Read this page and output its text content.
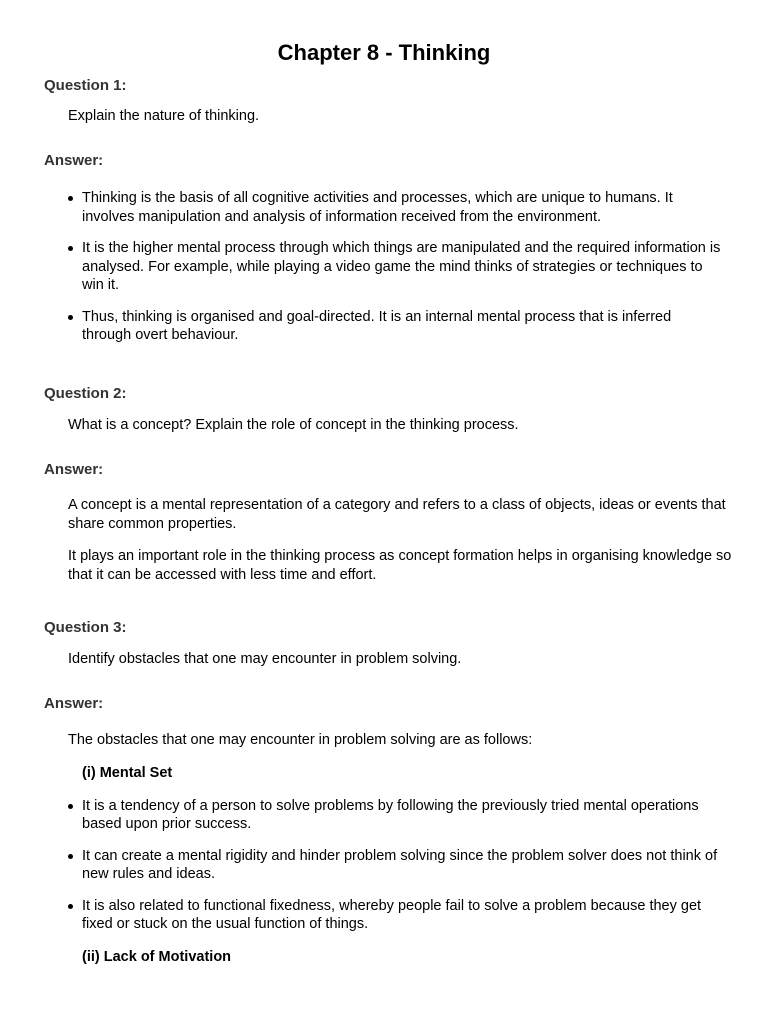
Chapter 8 - Thinking

Question 1:

Explain the nature of thinking.

Answer:

Thinking is the basis of all cognitive activities and processes, which are unique to humans. It involves manipulation and analysis of information received from the environment.
It is the higher mental process through which things are manipulated and the required information is analysed. For example, while playing a video game the mind thinks of strategies or techniques to win it.
Thus, thinking is organised and goal-directed. It is an internal mental process that is inferred through overt behaviour.

Question 2:

What is a concept? Explain the role of concept in the thinking process.

Answer:

A concept is a mental representation of a category and refers to a class of objects, ideas or events that share common properties.

It plays an important role in the thinking process as concept formation helps in organising knowledge so that it can be accessed with less time and effort.

Question 3:

Identify obstacles that one may encounter in problem solving.

Answer:

The obstacles that one may encounter in problem solving are as follows:

(i) Mental Set

It is a tendency of a person to solve problems by following the previously tried mental operations based upon prior success.
It can create a mental rigidity and hinder problem solving since the problem solver does not think of new rules and ideas.
It is also related to functional fixedness, whereby people fail to solve a problem because they get fixed or stuck on the usual function of things.

(ii) Lack of Motivation
